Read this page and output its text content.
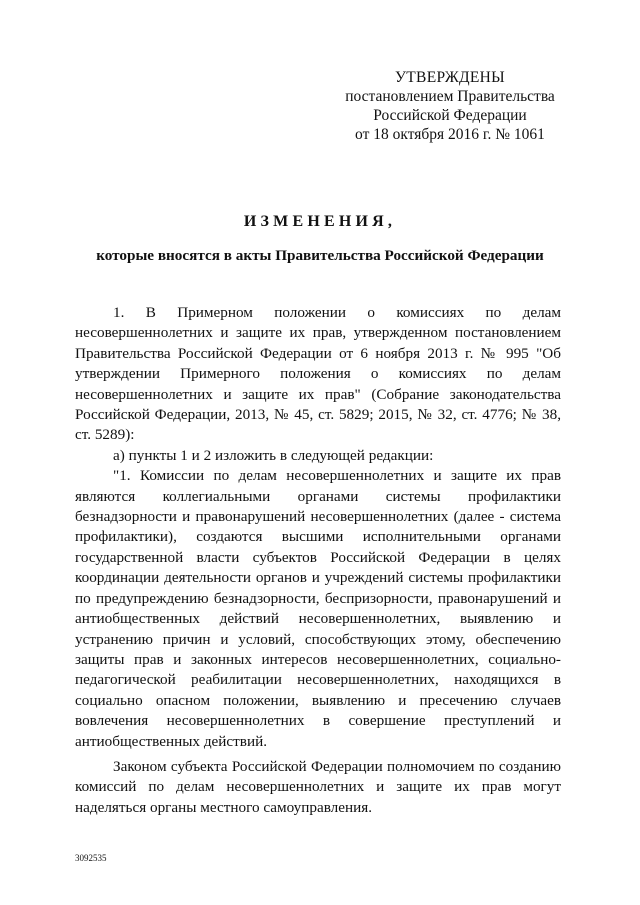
УТВЕРЖДЕНЫ
постановлением Правительства
Российской Федерации
от 18 октября 2016 г. № 1061
ИЗМЕНЕНИЯ,
которые вносятся в акты Правительства Российской Федерации

1. В Примерном положении о комиссиях по делам несовершеннолетних и защите их прав, утвержденном постановлением Правительства Российской Федерации от 6 ноября 2013 г. № 995 "Об утверждении Примерного положения о комиссиях по делам несовершеннолетних и защите их прав" (Собрание законодательства Российской Федерации, 2013, № 45, ст. 5829; 2015, № 32, ст. 4776; № 38, ст. 5289):

а) пункты 1 и 2 изложить в следующей редакции:

"1. Комиссии по делам несовершеннолетних и защите их прав являются коллегиальными органами системы профилактики безнадзорности и правонарушений несовершеннолетних (далее - система профилактики), создаются высшими исполнительными органами государственной власти субъектов Российской Федерации в целях координации деятельности органов и учреждений системы профилактики по предупреждению безнадзорности, беспризорности, правонарушений и антиобщественных действий несовершеннолетних, выявлению и устранению причин и условий, способствующих этому, обеспечению защиты прав и законных интересов несовершеннолетних, социально-педагогической реабилитации несовершеннолетних, находящихся в социально опасном положении, выявлению и пресечению случаев вовлечения несовершеннолетних в совершение преступлений и антиобщественных действий.

Законом субъекта Российской Федерации полномочием по созданию комиссий по делам несовершеннолетних и защите их прав могут наделяться органы местного самоуправления.

3092535
